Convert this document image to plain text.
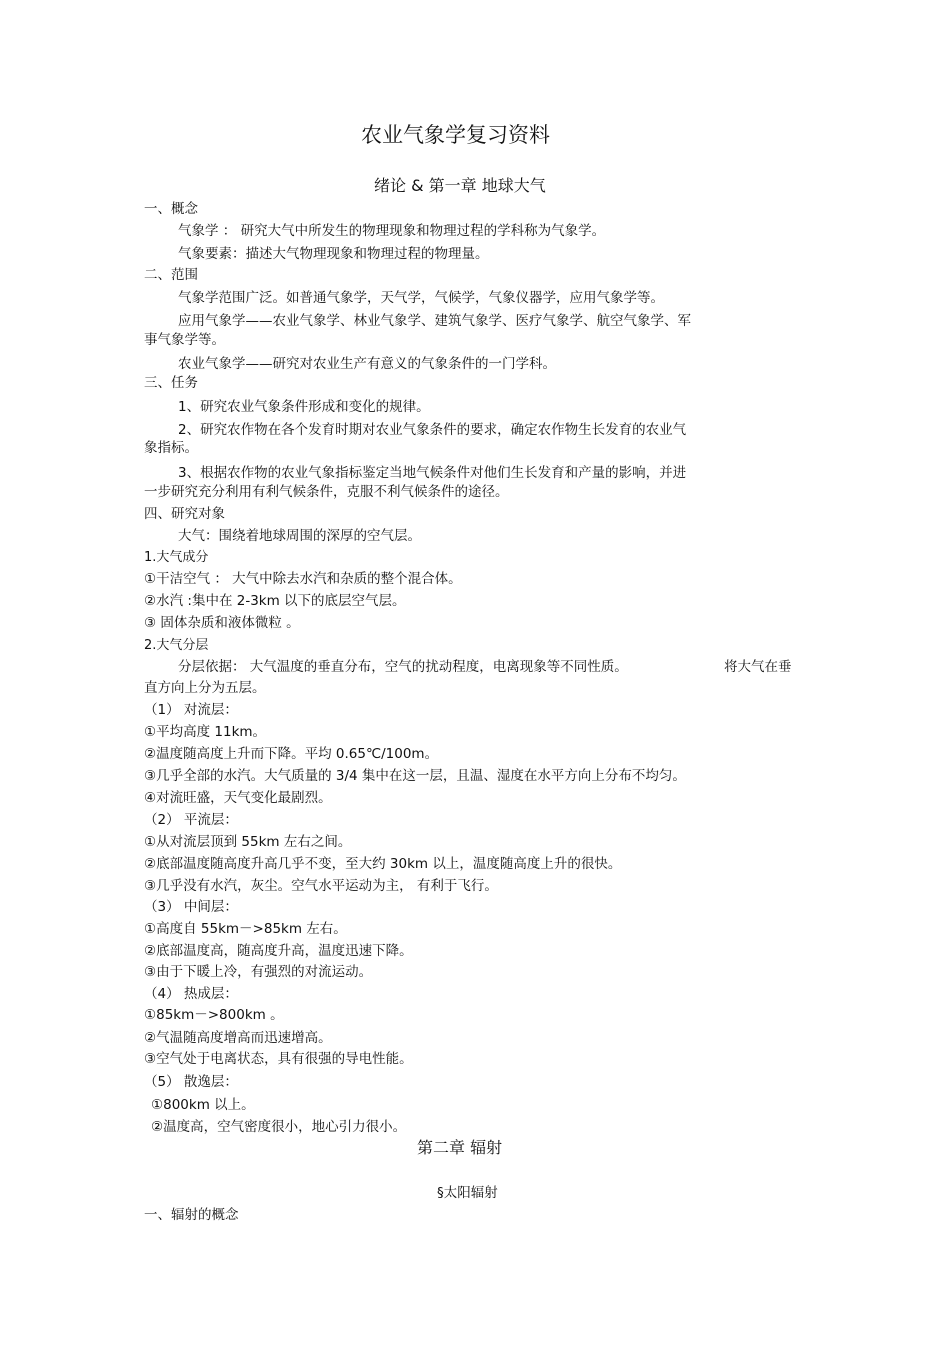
农业气象学复习资料
绪论 & 第一章 地球大气
一、概念
气象学 ： 研究大气中所发生的物理现象和物理过程的学科称为气象学。
气象要素：描述大气物理现象和物理过程的物理量。
二、范围
气象学范围广泛。如普通气象学，天气学，气候学，气象仪器学，应用气象学等。
应用气象学——农业气象学、林业气象学、建筑气象学、医疗气象学、航空气象学、军
事气象学等。
农业气象学——研究对农业生产有意义的气象条件的一门学科。
三、任务
1、研究农业气象条件形成和变化的规律。
2、研究农作物在各个发育时期对农业气象条件的要求，确定农作物生长发育的农业气
象指标。
3、根据农作物的农业气象指标鉴定当地气候条件对他们生长发育和产量的影响，并进
一步研究充分利用有利气候条件，克服不利气候条件的途径。
四、研究对象
大气：围绕着地球周围的深厚的空气层。
1.大气成分
①干洁空气 ： 大气中除去水汽和杂质的整个混合体。
②水汽 :集中在 2-3km 以下的底层空气层。
③ 固体杂质和液体微粒 。
2.大气分层
分层依据： 大气温度的垂直分布，空气的扰动程度，电离现象等不同性质。	将大气在垂
直方向上分为五层。
（1） 对流层：
①平均高度 11km。
②温度随高度上升而下降。平均 0.65℃/100m。
③几乎全部的水汽。大气质量的 3/4 集中在这一层，且温、湿度在水平方向上分布不均匀。
④对流旺盛，天气变化最剧烈。
（2） 平流层：
①从对流层顶到 55km 左右之间。
②底部温度随高度升高几乎不变，至大约 30km 以上，温度随高度上升的很快。
③几乎没有水汽，灰尘。空气水平运动为主， 有利于飞行。
（3） 中间层：
①高度自 55km－>85km 左右。
②底部温度高，随高度升高，温度迅速下降。
③由于下暖上冷，有强烈的对流运动。
（4） 热成层：
①85km－>800km 。
②气温随高度增高而迅速增高。
③空气处于电离状态，具有很强的导电性能。
（5） 散逸层：
①800km 以上。
②温度高，空气密度很小，地心引力很小。
第二章 辐射
§太阳辐射
一、辐射的概念
